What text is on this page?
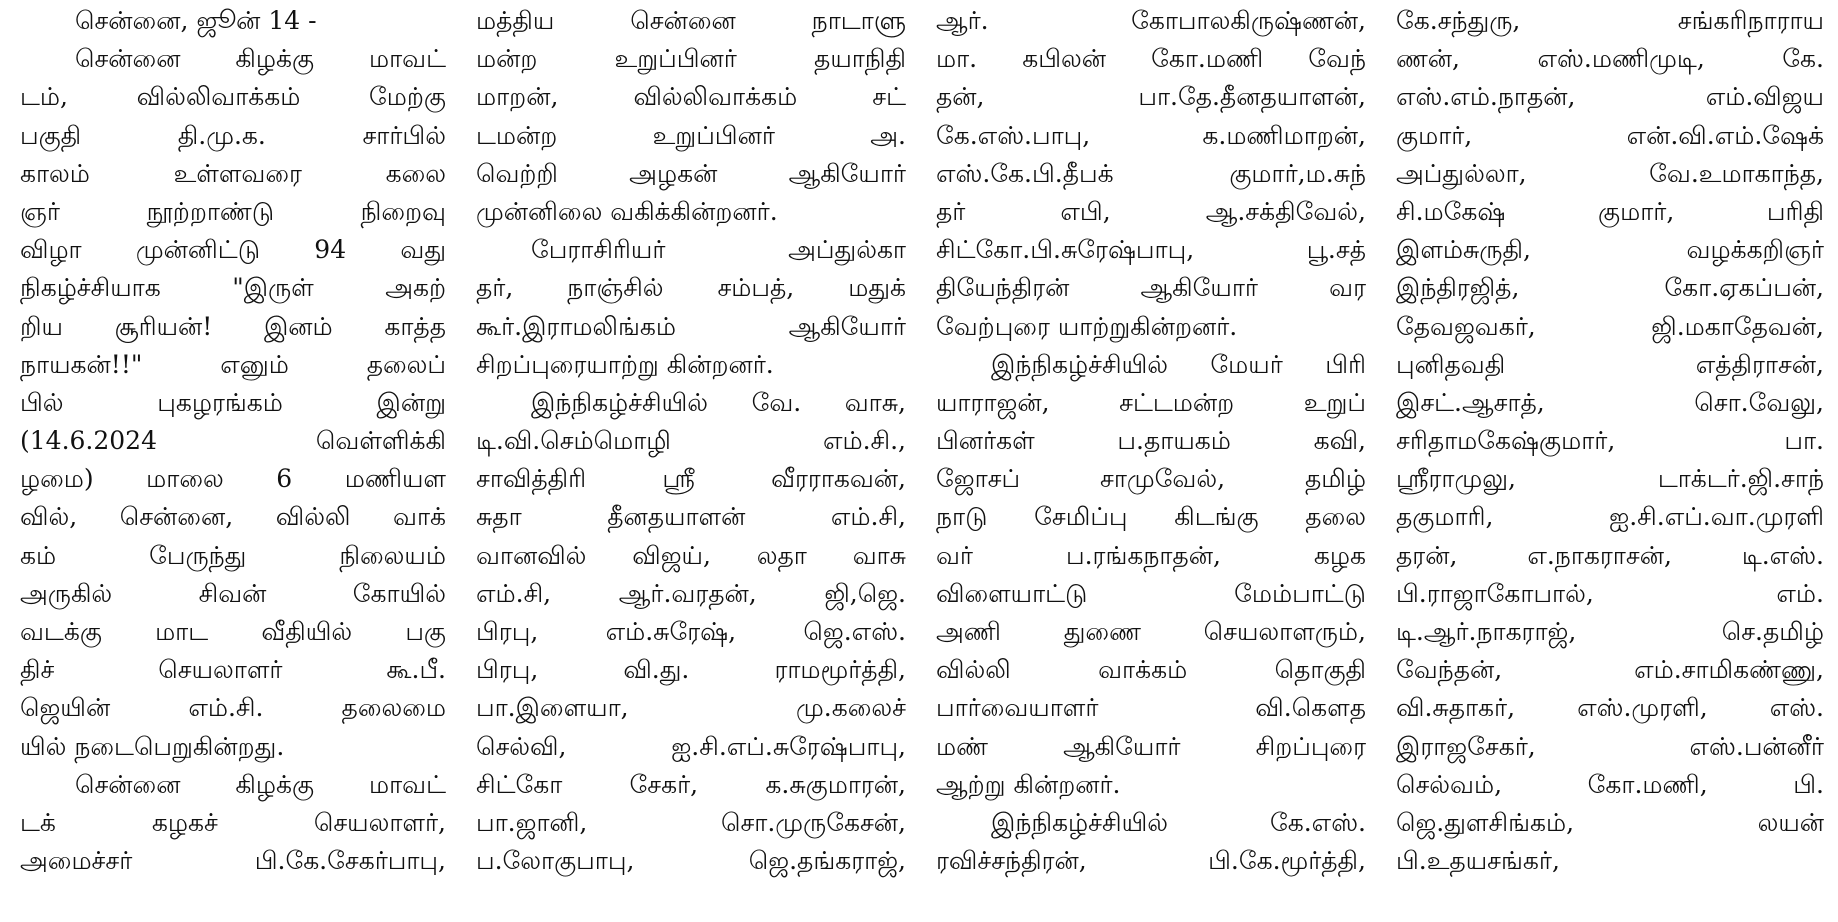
சென்னை, ஜூன் 14 -
சென்னை கிழக்கு மாவட்
டம், வில்லிவாக்கம் மேற்கு
பகுதி தி.மு.க. சார்பில்
காலம் உள்ளவரை கலை
ஞர் நூற்றாண்டு நிறைவு
விழா முன்னிட்டு 94 வது
நிகழ்ச்சியாக "இருள் அகற்
றிய சூரியன்! இனம் காத்த
நாயகன்!!" எனும் தலைப்
பில் புகழரங்கம் இன்று
(14.6.2024 வெள்ளிக்கி
ழமை) மாலை 6 மணியள
வில், சென்னை, வில்லி வாக்
கம் பேருந்து நிலையம்
அருகில் சிவன் கோயில்
வடக்கு மாட வீதியில் பகு
திச் செயலாளர் கூ.பீ.
ஜெயின் எம்.சி. தலைமை
யில் நடைபெறுகின்றது.
சென்னை கிழக்கு மாவட்
டக் கழகச் செயலாளர்,
அமைச்சர் பி.கே.சேகர்பாபு,
மத்திய சென்னை நாடாளு
மன்ற உறுப்பினர் தயாநிதி
மாறன், வில்லிவாக்கம் சட்
டமன்ற உறுப்பினர் அ.
வெற்றி அழகன் ஆகியோர்
முன்னிலை வகிக்கின்றனர்.
பேராசிரியர் அப்துல்கா
தர், நாஞ்சில் சம்பத், மதுக்
கூர்.இராமலிங்கம் ஆகியோர்
சிறப்புரையாற்று கின்றனர்.
இந்நிகழ்ச்சியில் வே. வாசு,
டி.வி.செம்மொழி எம்.சி.,
சாவித்திரி ஸ்ரீ வீரராகவன்,
சுதா தீனதயாளன் எம்.சி,
வானவில் விஜய், லதா வாசு
எம்.சி, ஆர்.வரதன், ஜி,ஜெ.
பிரபு, எம்.சுரேஷ், ஜெ.எஸ்.
பிரபு, வி.து. ராமமூர்த்தி,
பா.இளையா, மு.கலைச்
செல்வி, ஐ.சி.எப்.சுரேஷ்பாபு,
சிட்கோ சேகர், க.சுகுமாரன்,
பா.ஜானி, சொ.முருகேசன்,
ப.லோகுபாபு, ஜெ.தங்கராஜ்,
ஆர். கோபாலகிருஷ்ணன்,
மா. கபிலன் கோ.மணி வேந்
தன், பா.தே.தீனதயாளன்,
கே.எஸ்.பாபு, க.மணிமாறன்,
எஸ்.கே.பி.தீபக் குமார்,ம.சுந்
தர் எபி, ஆ.சக்திவேல்,
சிட்கோ.பி.சுரேஷ்பாபு, பூ.சத்
தியேந்திரன் ஆகியோர் வர
வேற்புரை யாற்றுகின்றனர்.
இந்நிகழ்ச்சியில் மேயர் பிரி
யாராஜன், சட்டமன்ற உறுப்
பினர்கள் ப.தாயகம் கவி,
ஜோசப் சாமுவேல், தமிழ்
நாடு சேமிப்பு கிடங்கு தலை
வர் ப.ரங்கநாதன், கழக
விளையாட்டு மேம்பாட்டு
அணி துணை செயலாளரும்,
வில்லி வாக்கம் தொகுதி
பார்வையாளர் வி.கௌத
மண் ஆகியோர் சிறப்புரை
ஆற்று கின்றனர்.
இந்நிகழ்ச்சியில் கே.எஸ்.
ரவிச்சந்திரன், பி.கே.மூர்த்தி,
கே.சந்துரு, சங்கரிநாராய
ணன், எஸ்.மணிமுடி, கே.
எஸ்.எம்.நாதன், எம்.விஜய
குமார், என்.வி.எம்.ஷேக்
அப்துல்லா, வே.உமாகாந்த,
சி.மகேஷ் குமார், பரிதி
இளம்சுருதி, வழக்கறிஞர்
இந்திரஜித், கோ.ஏகப்பன்,
தேவஜவகர், ஜி.மகாதேவன்,
புனிதவதி எத்திராசன்,
இசட்.ஆசாத், சொ.வேலு,
சரிதாமகேஷ்குமார், பா.
ஸ்ரீராமுலு, டாக்டர்.ஜி.சாந்
தகுமாரி, ஐ.சி.எப்.வா.முரளி
தரன், எ.நாகராசன், டி.எஸ்.
பி.ராஜாகோபால், எம்.
டி.ஆர்.நாகராஜ், செ.தமிழ்
வேந்தன், எம்.சாமிகண்ணு,
வி.சுதாகர், எஸ்.முரளி, எஸ்.
இராஜசேகர், எஸ்.பன்னீர்
செல்வம், கோ.மணி, பி.
ஜெ.துளசிங்கம், லயன்
பி.உதயசங்கர்,
